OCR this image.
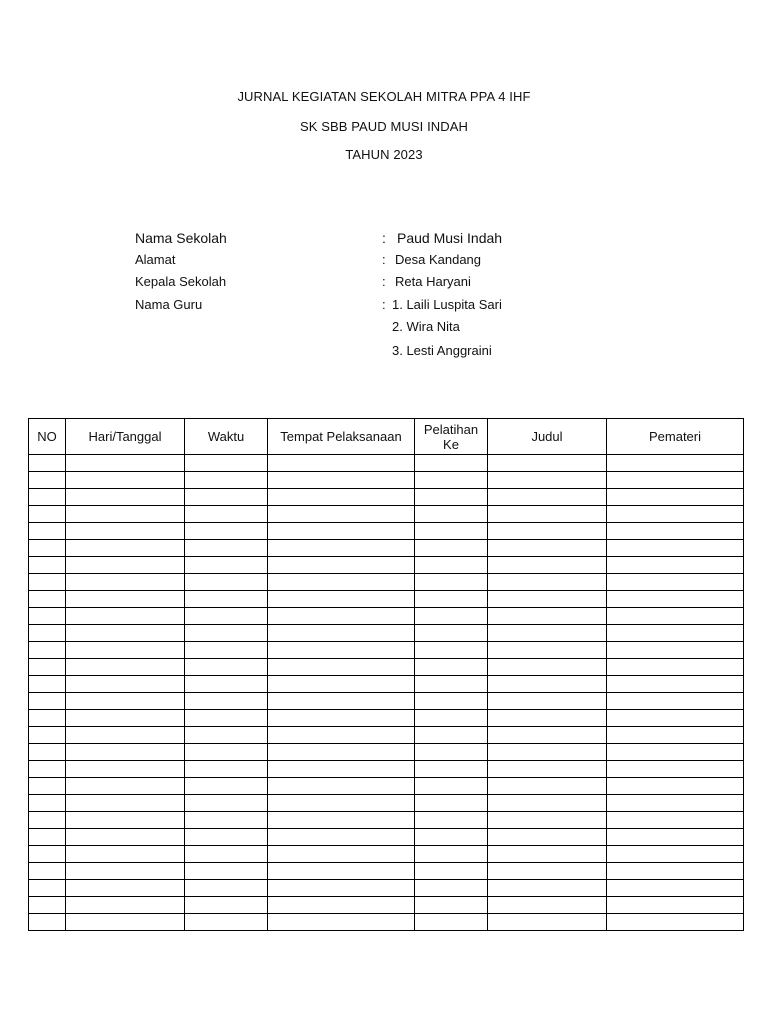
JURNAL KEGIATAN SEKOLAH MITRA PPA 4 IHF
SK SBB PAUD MUSI INDAH
TAHUN 2023
Nama Sekolah	: Paud Musi Indah
Alamat	: Desa Kandang
Kepala Sekolah	: Reta Haryani
Nama Guru	: 1. Laili Luspita Sari
2. Wira Nita
3. Lesti Anggraini
NO	Hari/Tanggal	Waktu	Tempat Pelaksanaan	Pelatihan Ke	Judul	Pemateri
